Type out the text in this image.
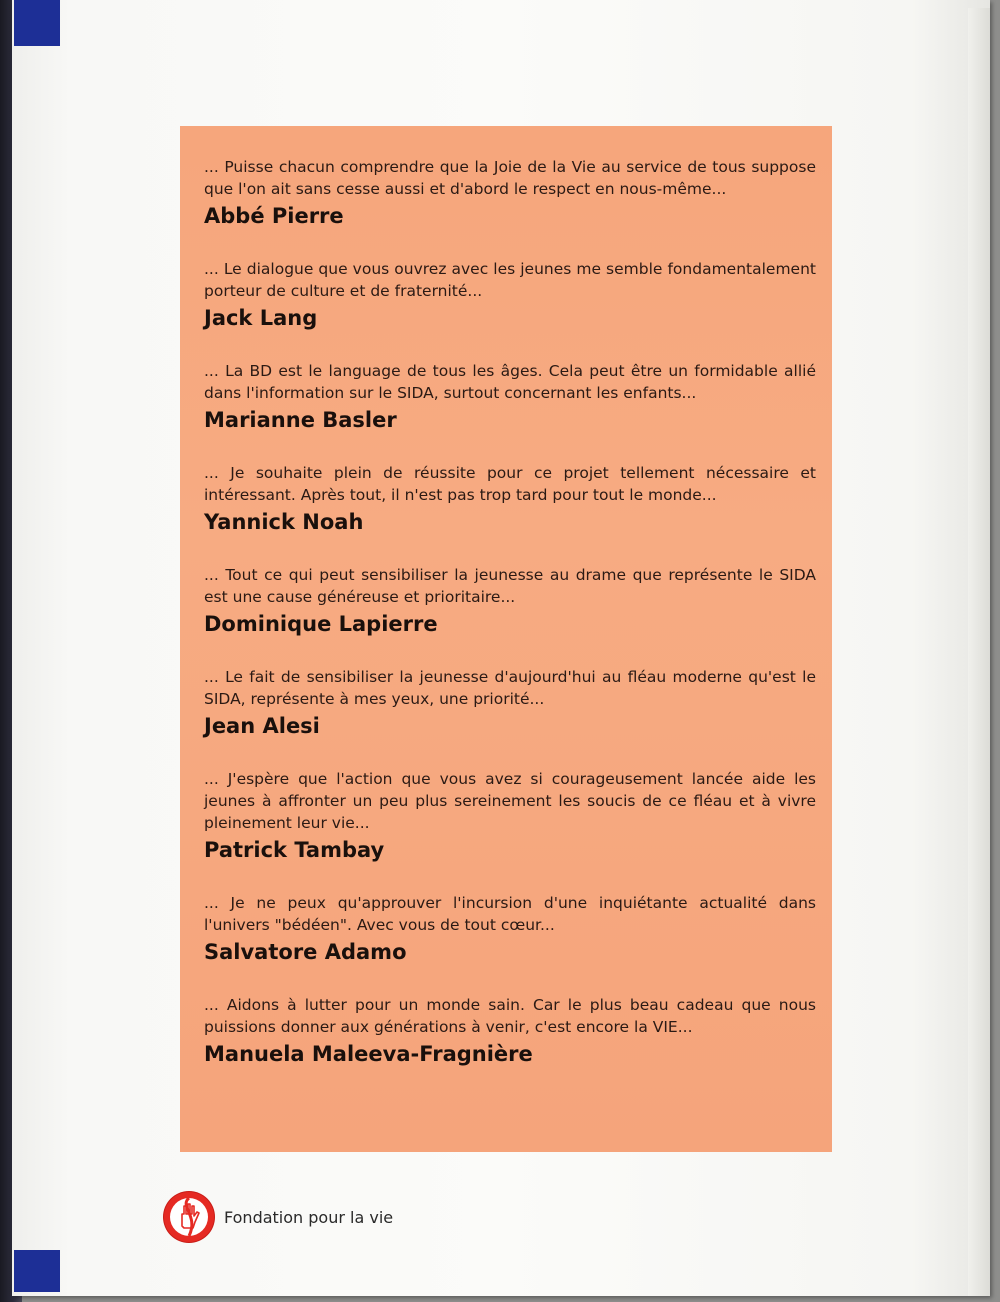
... Puisse chacun comprendre que la Joie de la Vie au service de tous suppose que l'on ait sans cesse aussi et d'abord le respect en nous-même...

Abbé Pierre

... Le dialogue que vous ouvrez avec les jeunes me semble fondamentalement porteur de culture et de fraternité...

Jack Lang

... La BD est le language de tous les âges. Cela peut être un formidable allié dans l'information sur le SIDA, surtout concernant les enfants...

Marianne Basler

... Je souhaite plein de réussite pour ce projet tellement nécessaire et intéressant. Après tout, il n'est pas trop tard pour tout le monde...

Yannick Noah

... Tout ce qui peut sensibiliser la jeunesse au drame que représente le SIDA est une cause généreuse et prioritaire...

Dominique Lapierre

... Le fait de sensibiliser la jeunesse d'aujourd'hui au fléau moderne qu'est le SIDA, représente à mes yeux, une priorité...

Jean Alesi

... J'espère que l'action que vous avez si courageusement lancée aide les jeunes à affronter un peu plus sereinement les soucis de ce fléau et à vivre pleinement leur vie...

Patrick Tambay

... Je ne peux qu'approuver l'incursion d'une inquiétante actualité dans l'univers "bédéen". Avec vous de tout cœur...

Salvatore Adamo

... Aidons à lutter pour un monde sain. Car le plus beau cadeau que nous puissions donner aux générations à venir, c'est encore la VIE...

Manuela Maleeva-Fragnière

Fondation pour la vie
